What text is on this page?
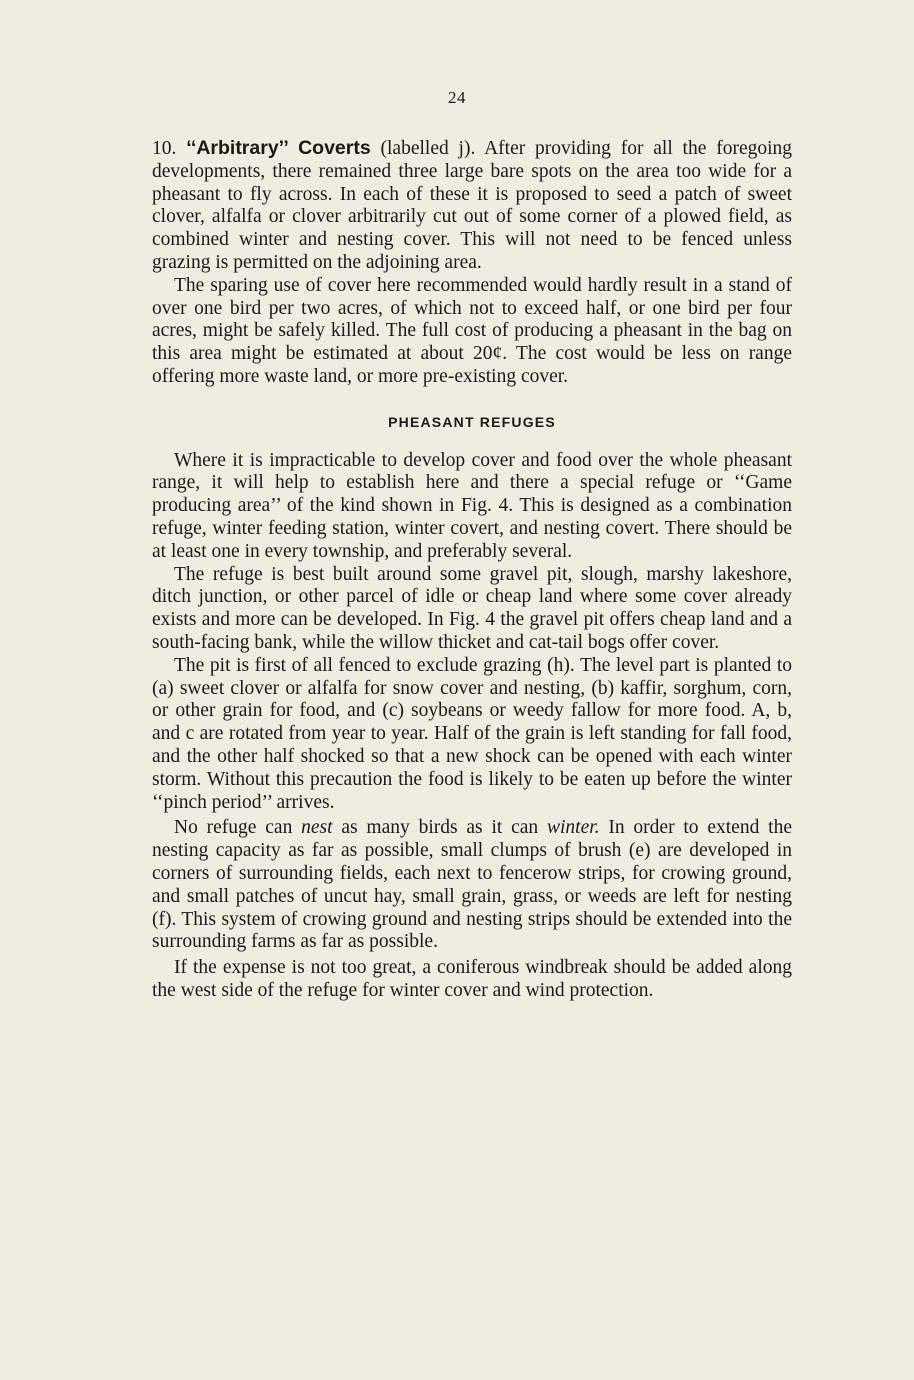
24

10. ‘‘Arbitrary’’ Coverts (labelled j). After providing for all the foregoing developments, there remained three large bare spots on the area too wide for a pheasant to fly across. In each of these it is proposed to seed a patch of sweet clover, alfalfa or clover arbitrarily cut out of some corner of a plowed field, as combined winter and nesting cover. This will not need to be fenced unless grazing is permitted on the adjoining area.

The sparing use of cover here recommended would hardly result in a stand of over one bird per two acres, of which not to exceed half, or one bird per four acres, might be safely killed. The full cost of producing a pheasant in the bag on this area might be estimated at about 20¢. The cost would be less on range offering more waste land, or more pre-existing cover.

PHEASANT REFUGES

Where it is impracticable to develop cover and food over the whole pheasant range, it will help to establish here and there a special refuge or ‘‘Game producing area’’ of the kind shown in Fig. 4. This is designed as a combination refuge, winter feeding station, winter covert, and nesting covert. There should be at least one in every township, and preferably several.

The refuge is best built around some gravel pit, slough, marshy lakeshore, ditch junction, or other parcel of idle or cheap land where some cover already exists and more can be developed. In Fig. 4 the gravel pit offers cheap land and a south-facing bank, while the willow thicket and cat-tail bogs offer cover.

The pit is first of all fenced to exclude grazing (h). The level part is planted to (a) sweet clover or alfalfa for snow cover and nesting, (b) kaffir, sorghum, corn, or other grain for food, and (c) soybeans or weedy fallow for more food. A, b, and c are rotated from year to year. Half of the grain is left standing for fall food, and the other half shocked so that a new shock can be opened with each winter storm. Without this precaution the food is likely to be eaten up before the winter ‘‘pinch period’’ arrives.

No refuge can nest as many birds as it can winter. In order to extend the nesting capacity as far as possible, small clumps of brush (e) are developed in corners of surrounding fields, each next to fencerow strips, for crowing ground, and small patches of uncut hay, small grain, grass, or weeds are left for nesting (f). This system of crowing ground and nesting strips should be extended into the surrounding farms as far as possible.

If the expense is not too great, a coniferous windbreak should be added along the west side of the refuge for winter cover and wind protection.
